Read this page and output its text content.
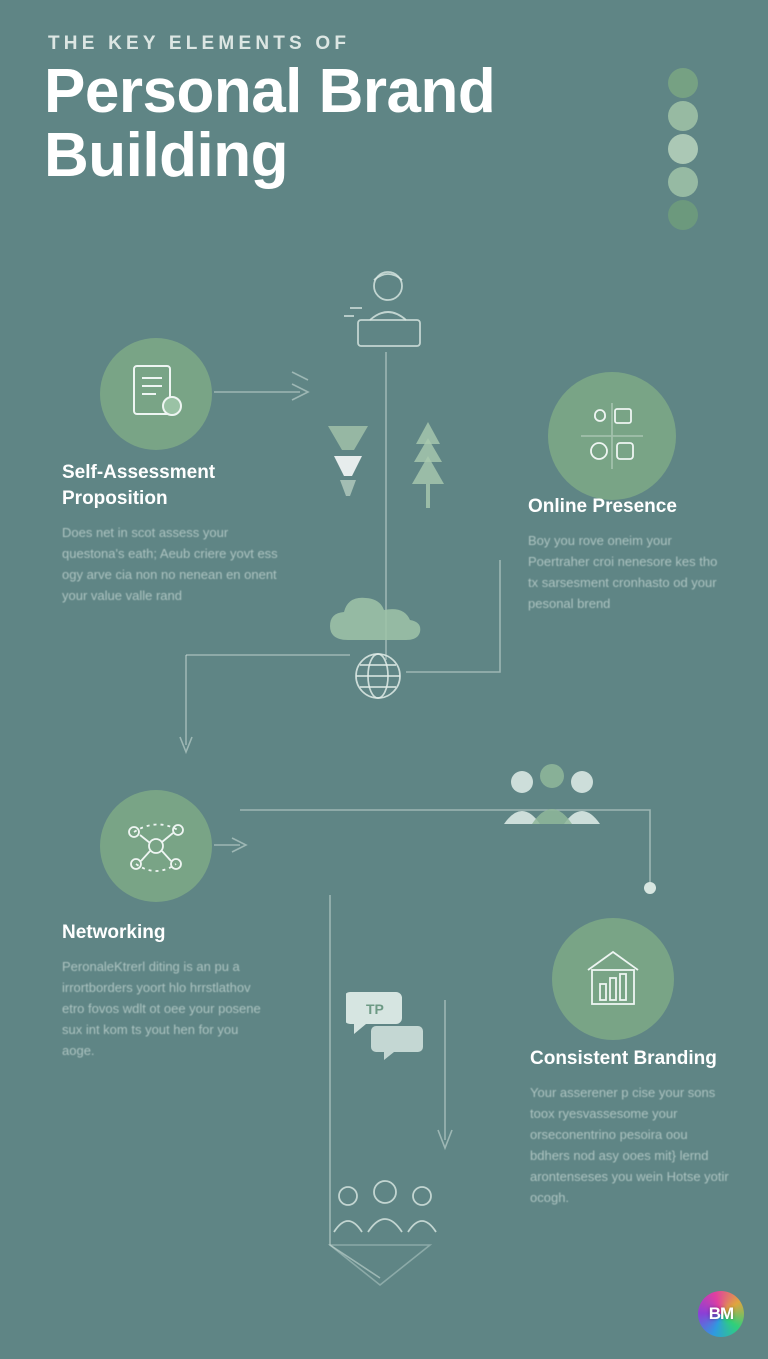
THE KEY ELEMENTS OF
Personal Brand
Building
TP
Self-Assessment
Proposition

Does net in scot assess your questona's eath; Aeub criere yovt ess ogy arve cia non no nenean en onent your value valle rand

Online Presence

Boy you rove oneim your Poertraher croi nenesore kes tho tx sarsesment cronhasto od your pesonal brend

Networking

PeronaleKtrerl diting is an pu a irrortborders yoort hlo hrrstlathov etro fovos wdlt ot oee your posene sux int kom ts yout hen for you aoge.	Consistent Branding

Your asserener p cise your sons toox ryesvassesome your orseconentrino pesoira oou bdhers nod asy ooes mit} lernd arontenseses you wein Hotse yotir ocogh.

BM
